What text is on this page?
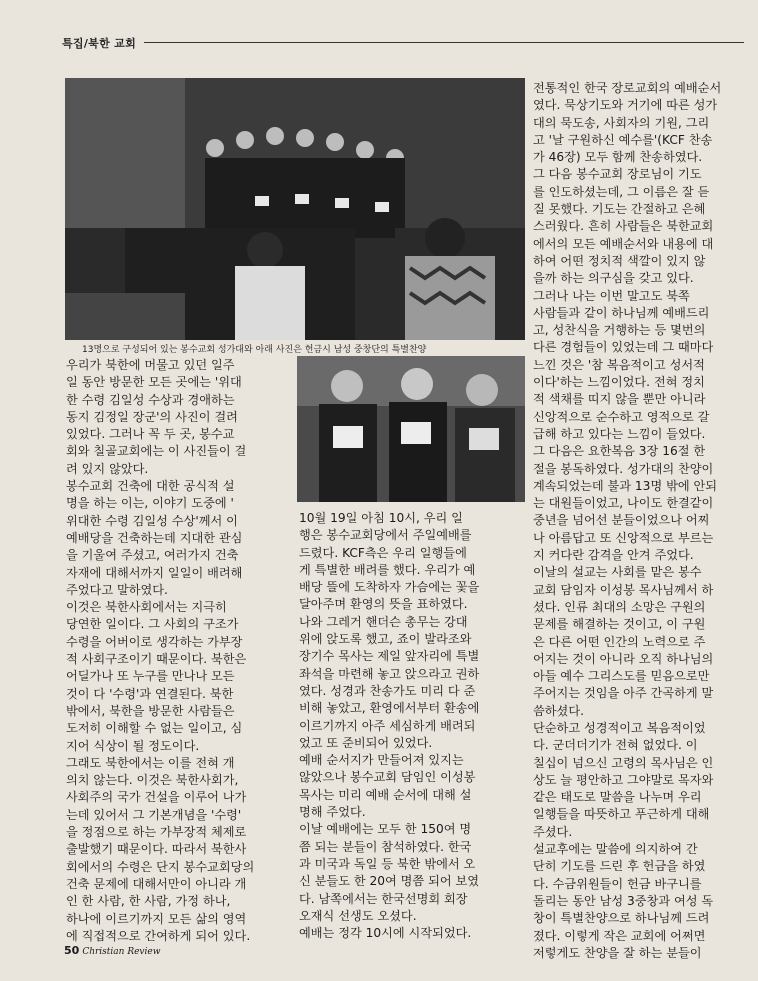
특집/북한 교회
13명으로 구성되어 있는 봉수교회 성가대와 아래 사진은 헌금시 남성 중창단의 특별찬양

우리가 북한에 머물고 있던 일주
일 동안 방문한 모든 곳에는 '위대
한 수령 김일성 수상과 경애하는
동지 김정일 장군'의 사진이 걸려
있었다. 그러나 꼭 두 곳, 봉수교
회와 칠골교회에는 이 사진들이 걸
려 있지 않았다.

봉수교회 건축에 대한 공식적 설
명을 하는 이는, 이야기 도중에 '
위대한 수령 김일성 수상'께서 이
예배당을 건축하는데 지대한 관심
을 기울여 주셨고, 여러가지 건축
자재에 대해서까지 일일이 배려해
주었다고 말하였다.

이것은 북한사회에서는 지극히
당연한 일이다. 그 사회의 구조가
수령을 어버이로 생각하는 가부장
적 사회구조이기 때문이다. 북한은
어딜가나 또 누구를 만나나 모든
것이 다 '수령'과 연결된다. 북한
밖에서, 북한을 방문한 사람들은
도저히 이해할 수 없는 일이고, 심
지어 식상이 될 정도이다.

그래도 북한에서는 이를 전혀 개
의치 않는다. 이것은 북한사회가,
사회주의 국가 건설을 이루어 나가
는데 있어서 그 기본개념을 '수령'
을 정점으로 하는 가부장적 체제로
출발했기 때문이다. 따라서 북한사
회에서의 수령은 단지 봉수교회당의
건축 문제에 대해서만이 아니라 개
인 한 사람, 한 사람, 가정 하나,
하나에 이르기까지 모든 삶의 영역
에 직접적으로 간여하게 되어 있다.

10월 19일 아침 10시, 우리 일
행은 봉수교회당에서 주일예배를
드렸다. KCF측은 우리 일행들에
게 특별한 배려를 했다. 우리가 예
배당 뜰에 도착하자 가슴에는 꽃을
달아주며 환영의 뜻을 표하였다.

나와 그레거 핸더슨 총무는 강대
위에 앉도록 했고, 죠이 발라조와
장기수 목사는 제일 앞자리에 특별
좌석을 마련해 놓고 앉으라고 권하
였다. 성경과 찬송가도 미리 다 준
비해 놓았고, 환영에서부터 환송에
이르기까지 아주 세심하게 배려되
었고 또 준비되어 있었다.

예배 순서지가 만들어져 있지는
않았으나 봉수교회 담임인 이성봉
목사는 미리 예배 순서에 대해 설
명해 주었다.

이날 예배에는 모두 한 150여 명
쯤 되는 분들이 참석하였다. 한국
과 미국과 독일 등 북한 밖에서 오
신 분들도 한 20여 명쯤 되어 보였
다. 남쪽에서는 한국선명회 회장
오재식 선생도 오셨다.

예배는 정각 10시에 시작되었다.

전통적인 한국 장로교회의 예배순서
였다. 묵상기도와 거기에 따른 성가
대의 묵도송, 사회자의 기원, 그리
고 '날 구원하신 예수를'(KCF 찬송
가 46장) 모두 함께 찬송하였다.

그 다음 봉수교회 장로님이 기도
를 인도하셨는데, 그 이름은 잘 듣
질 못했다. 기도는 간절하고 은혜
스러웠다. 흔히 사람들은 북한교회
에서의 모든 예배순서와 내용에 대
하여 어떤 정치적 색깔이 있지 않
을까 하는 의구심을 갖고 있다.

그러나 나는 이번 말고도 북쪽
사람들과 같이 하나님께 예배드리
고, 성찬식을 거행하는 등 몇번의
다른 경험들이 있었는데 그 때마다
느낀 것은 '참 복음적이고 성서적
이다'하는 느낌이었다. 전혀 정치
적 색채를 띠지 않을 뿐만 아니라
신앙적으로 순수하고 영적으로 갈
급해 하고 있다는 느낌이 들었다.

그 다음은 요한복음 3장 16절 한
절을 봉독하였다. 성가대의 찬양이
계속되었는데 불과 13명 밖에 안되
는 대원들이었고, 나이도 한결같이
중년을 넘어선 분들이었으나 어찌
나 아름답고 또 신앙적으로 부르는
지 커다란 감격을 안겨 주었다.

이날의 설교는 사회를 맡은 봉수
교회 담임자 이성봉 목사님께서 하
셨다. 인류 최대의 소망은 구원의
문제를 해결하는 것이고, 이 구원
은 다른 어떤 인간의 노력으로 주
어지는 것이 아니라 오직 하나님의
아들 예수 그리스도를 믿음으로만
주어지는 것임을 아주 간곡하게 말
씀하셨다.

단순하고 성경적이고 복음적이었
다. 군더더기가 전혀 없었다. 이
칠십이 넘으신 고령의 목사님은 인
상도 늘 평안하고 그야말로 목자와
같은 태도로 말씀을 나누며 우리
일행들을 따뜻하고 푸근하게 대해
주셨다.

설교후에는 말씀에 의지하여 간
단히 기도를 드린 후 헌금을 하였
다. 수금위원들이 헌금 바구니를
돌리는 동안 남성 3중창과 여성 독
창이 특별찬양으로 하나님께 드려
졌다. 이렇게 작은 교회에 어쩌면
저렇게도 찬양을 잘 하는 분들이

50 Christian Review
